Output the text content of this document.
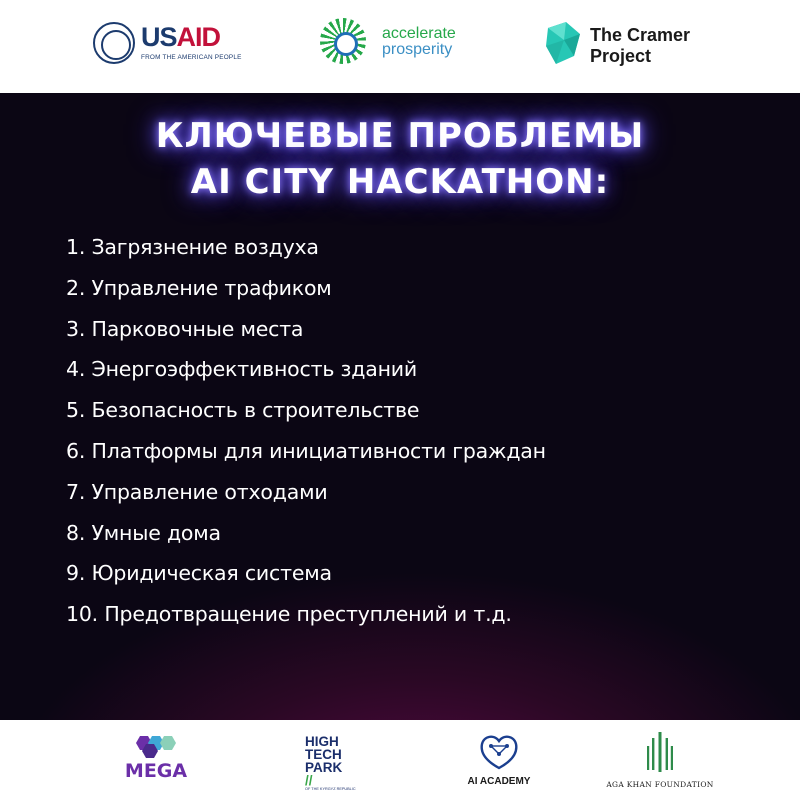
USAID
FROM THE AMERICAN PEOPLE
accelerate
prosperity
The Cramer
Project
КЛЮЧЕВЫЕ ПРОБЛЕМЫ
AI CITY HACKATHON:
1. Загрязнение воздуха
2. Управление трафиком
3. Парковочные места
4. Энергоэффективность зданий
5. Безопасность в строительстве
6. Платформы для инициативности граждан
7. Управление отходами
8. Умные дома
9. Юридическая система
10. Предотвращение преступлений и т.д.
MEGA
HIGH
TECH
PARK
//
OF THE KYRGYZ REPUBLIC
AI ACADEMY	AGA KHAN FOUNDATION
